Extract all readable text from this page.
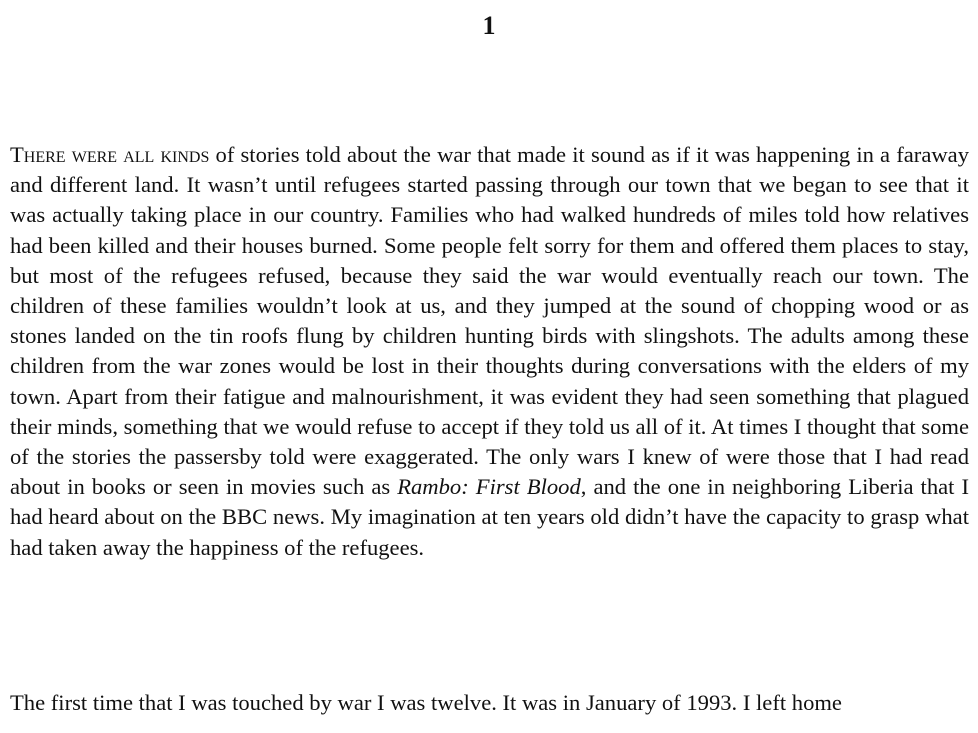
1

There were all kinds of stories told about the war that made it sound as if it was happening in a faraway and different land. It wasn’t until refugees started passing through our town that we began to see that it was actually taking place in our country. Families who had walked hundreds of miles told how relatives had been killed and their houses burned. Some people felt sorry for them and offered them places to stay, but most of the refugees refused, because they said the war would eventually reach our town. The children of these families wouldn’t look at us, and they jumped at the sound of chopping wood or as stones landed on the tin roofs flung by children hunting birds with slingshots. The adults among these children from the war zones would be lost in their thoughts during conversations with the elders of my town. Apart from their fatigue and malnourishment, it was evident they had seen something that plagued their minds, something that we would refuse to accept if they told us all of it. At times I thought that some of the stories the passersby told were exaggerated. The only wars I knew of were those that I had read about in books or seen in movies such as Rambo: First Blood, and the one in neighboring Liberia that I had heard about on the BBC news. My imagination at ten years old didn’t have the capacity to grasp what had taken away the happiness of the refugees.

The first time that I was touched by war I was twelve. It was in January of 1993. I left home
